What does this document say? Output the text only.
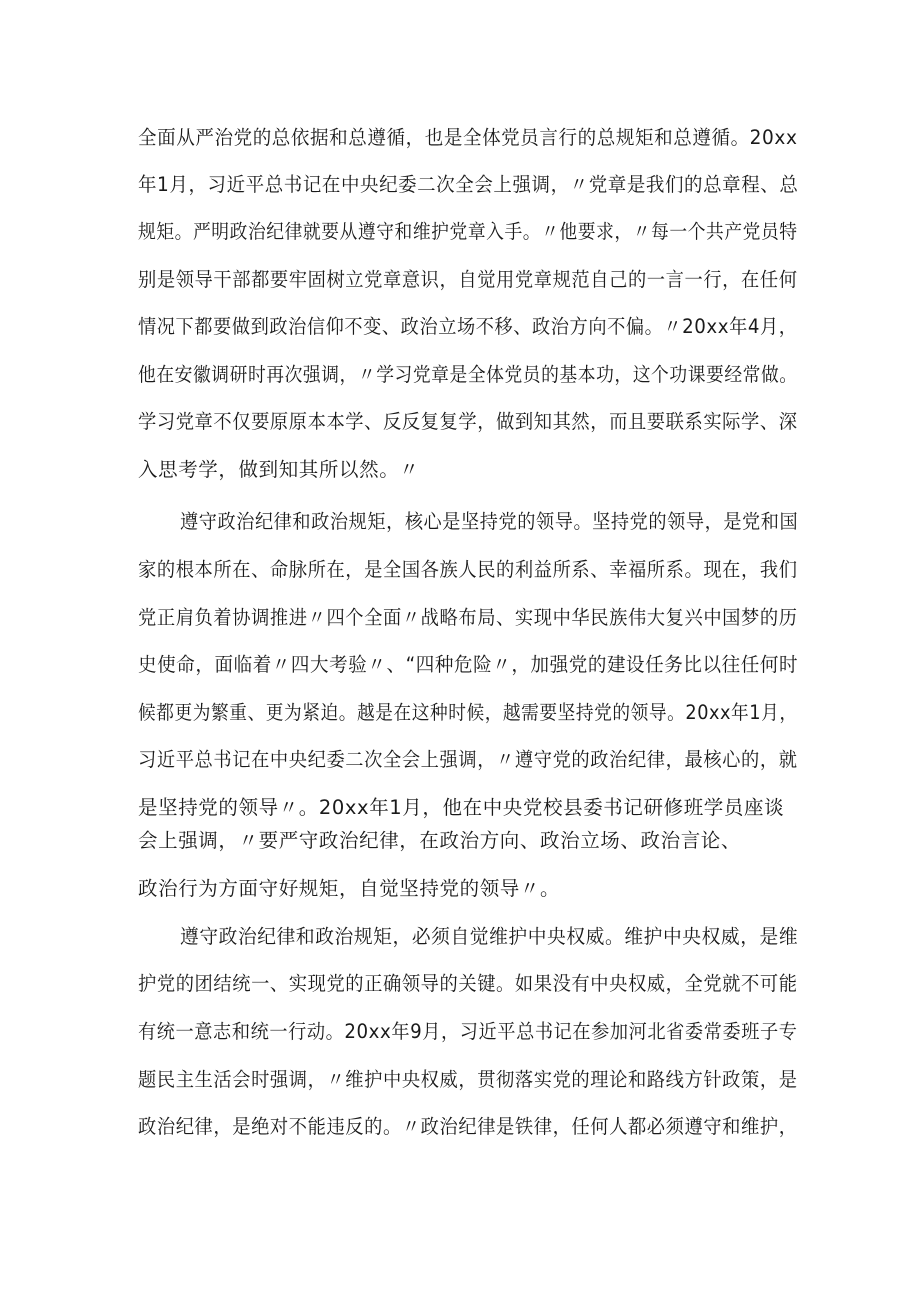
全面从严治党的总依据和总遵循，也是全体党员言行的总规矩和总遵循。20xx
年1月，习近平总书记在中央纪委二次全会上强调，〃党章是我们的总章程、总
规矩。严明政治纪律就要从遵守和维护党章入手。〃他要求，〃每一个共产党员特
别是领导干部都要牢固树立党章意识，自觉用党章规范自己的一言一行，在任何
情况下都要做到政治信仰不变、政治立场不移、政治方向不偏。〃20xx年4月，
他在安徽调研时再次强调，〃学习党章是全体党员的基本功，这个功课要经常做。
学习党章不仅要原原本本学、反反复复学，做到知其然，而且要联系实际学、深
入思考学，做到知其所以然。〃
遵守政治纪律和政治规矩，核心是坚持党的领导。坚持党的领导，是党和国
家的根本所在、命脉所在，是全国各族人民的利益所系、幸福所系。现在，我们
党正肩负着协调推进〃四个全面〃战略布局、实现中华民族伟大复兴中国梦的历
史使命，面临着〃四大考验〃、“四种危险〃，加强党的建设任务比以往任何时
候都更为繁重、更为紧迫。越是在这种时候，越需要坚持党的领导。20xx年1月，
习近平总书记在中央纪委二次全会上强调，〃遵守党的政治纪律，最核心的，就
是坚持党的领导〃。20xx年1月，他在中央党校县委书记研修班学员座谈
会上强调，〃要严守政治纪律，在政治方向、政治立场、政治言论、
政治行为方面守好规矩，自觉坚持党的领导〃。
遵守政治纪律和政治规矩，必须自觉维护中央权威。维护中央权威，是维
护党的团结统一、实现党的正确领导的关键。如果没有中央权威，全党就不可能
有统一意志和统一行动。20xx年9月，习近平总书记在参加河北省委常委班子专
题民主生活会时强调，〃维护中央权威，贯彻落实党的理论和路线方针政策，是
政治纪律，是绝对不能违反的。〃政治纪律是铁律，任何人都必须遵守和维护，
